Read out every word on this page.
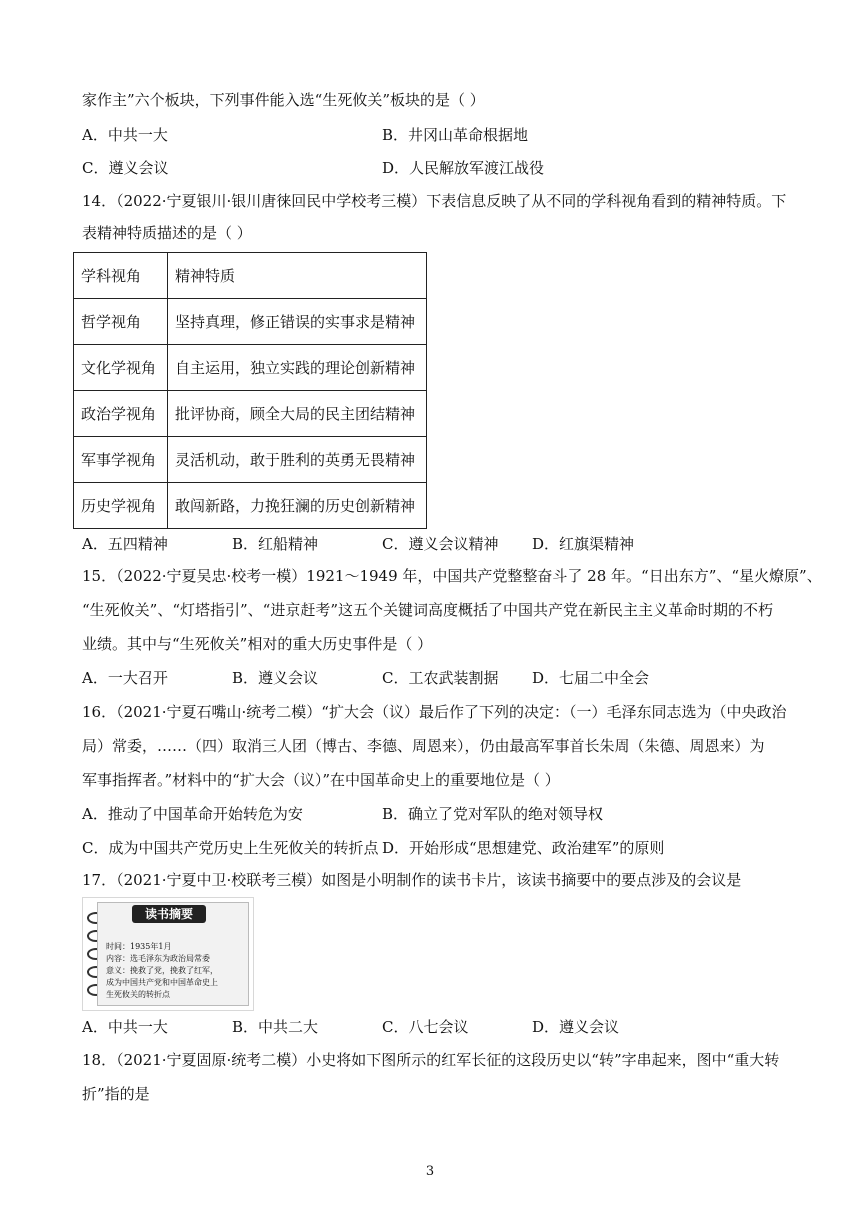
家作主”六个板块，下列事件能入选“生死攸关”板块的是（ ）
A．中共一大	B．井冈山革命根据地
C．遵义会议	D．人民解放军渡江战役
14．（2022·宁夏银川·银川唐徕回民中学校考三模）下表信息反映了从不同的学科视角看到的精神特质。下
表精神特质描述的是（ ）
学科视角	精神特质
哲学视角	坚持真理，修正错误的实事求是精神
文化学视角	自主运用，独立实践的理论创新精神
政治学视角	批评协商，顾全大局的民主团结精神
军事学视角	灵活机动，敢于胜利的英勇无畏精神
历史学视角	敢闯新路，力挽狂澜的历史创新精神
A．五四精神	B．红船精神	C．遵义会议精神 D．红旗渠精神
15．（2022·宁夏吴忠·校考一模）1921～1949 年，中国共产党整整奋斗了 28 年。“日出东方”、“星火燎原”、
“生死攸关”、“灯塔指引”、“进京赶考”这五个关键词高度概括了中国共产党在新民主主义革命时期的不朽
业绩。其中与“生死攸关”相对的重大历史事件是（ ）
A．一大召开	B．遵义会议	C．工农武装割据 D．七届二中全会
16．（2021·宁夏石嘴山·统考二模）“扩大会（议）最后作了下列的决定：（一）毛泽东同志选为（中央政治
局）常委，……（四）取消三人团（博古、李德、周恩来），仍由最高军事首长朱周（朱德、周恩来）为
军事指挥者。”材料中的“扩大会（议）”在中国革命史上的重要地位是（ ）
A．推动了中国革命开始转危为安	B．确立了党对军队的绝对领导权
C．成为中国共产党历史上生死攸关的转折点 D．开始形成“思想建党、政治建军”的原则
17．（2021·宁夏中卫·校联考三模）如图是小明制作的读书卡片，该读书摘要中的要点涉及的会议是
读书摘要
时间：1935年1月
内容：选毛泽东为政治局常委
意义：挽救了党，挽救了红军，
成为中国共产党和中国革命史上
生死攸关的转折点
A．中共一大	B．中共二大	C．八七会议	D．遵义会议
18．（2021·宁夏固原·统考二模）小史将如下图所示的红军长征的这段历史以“转”字串起来，图中“重大转
折”指的是
3
